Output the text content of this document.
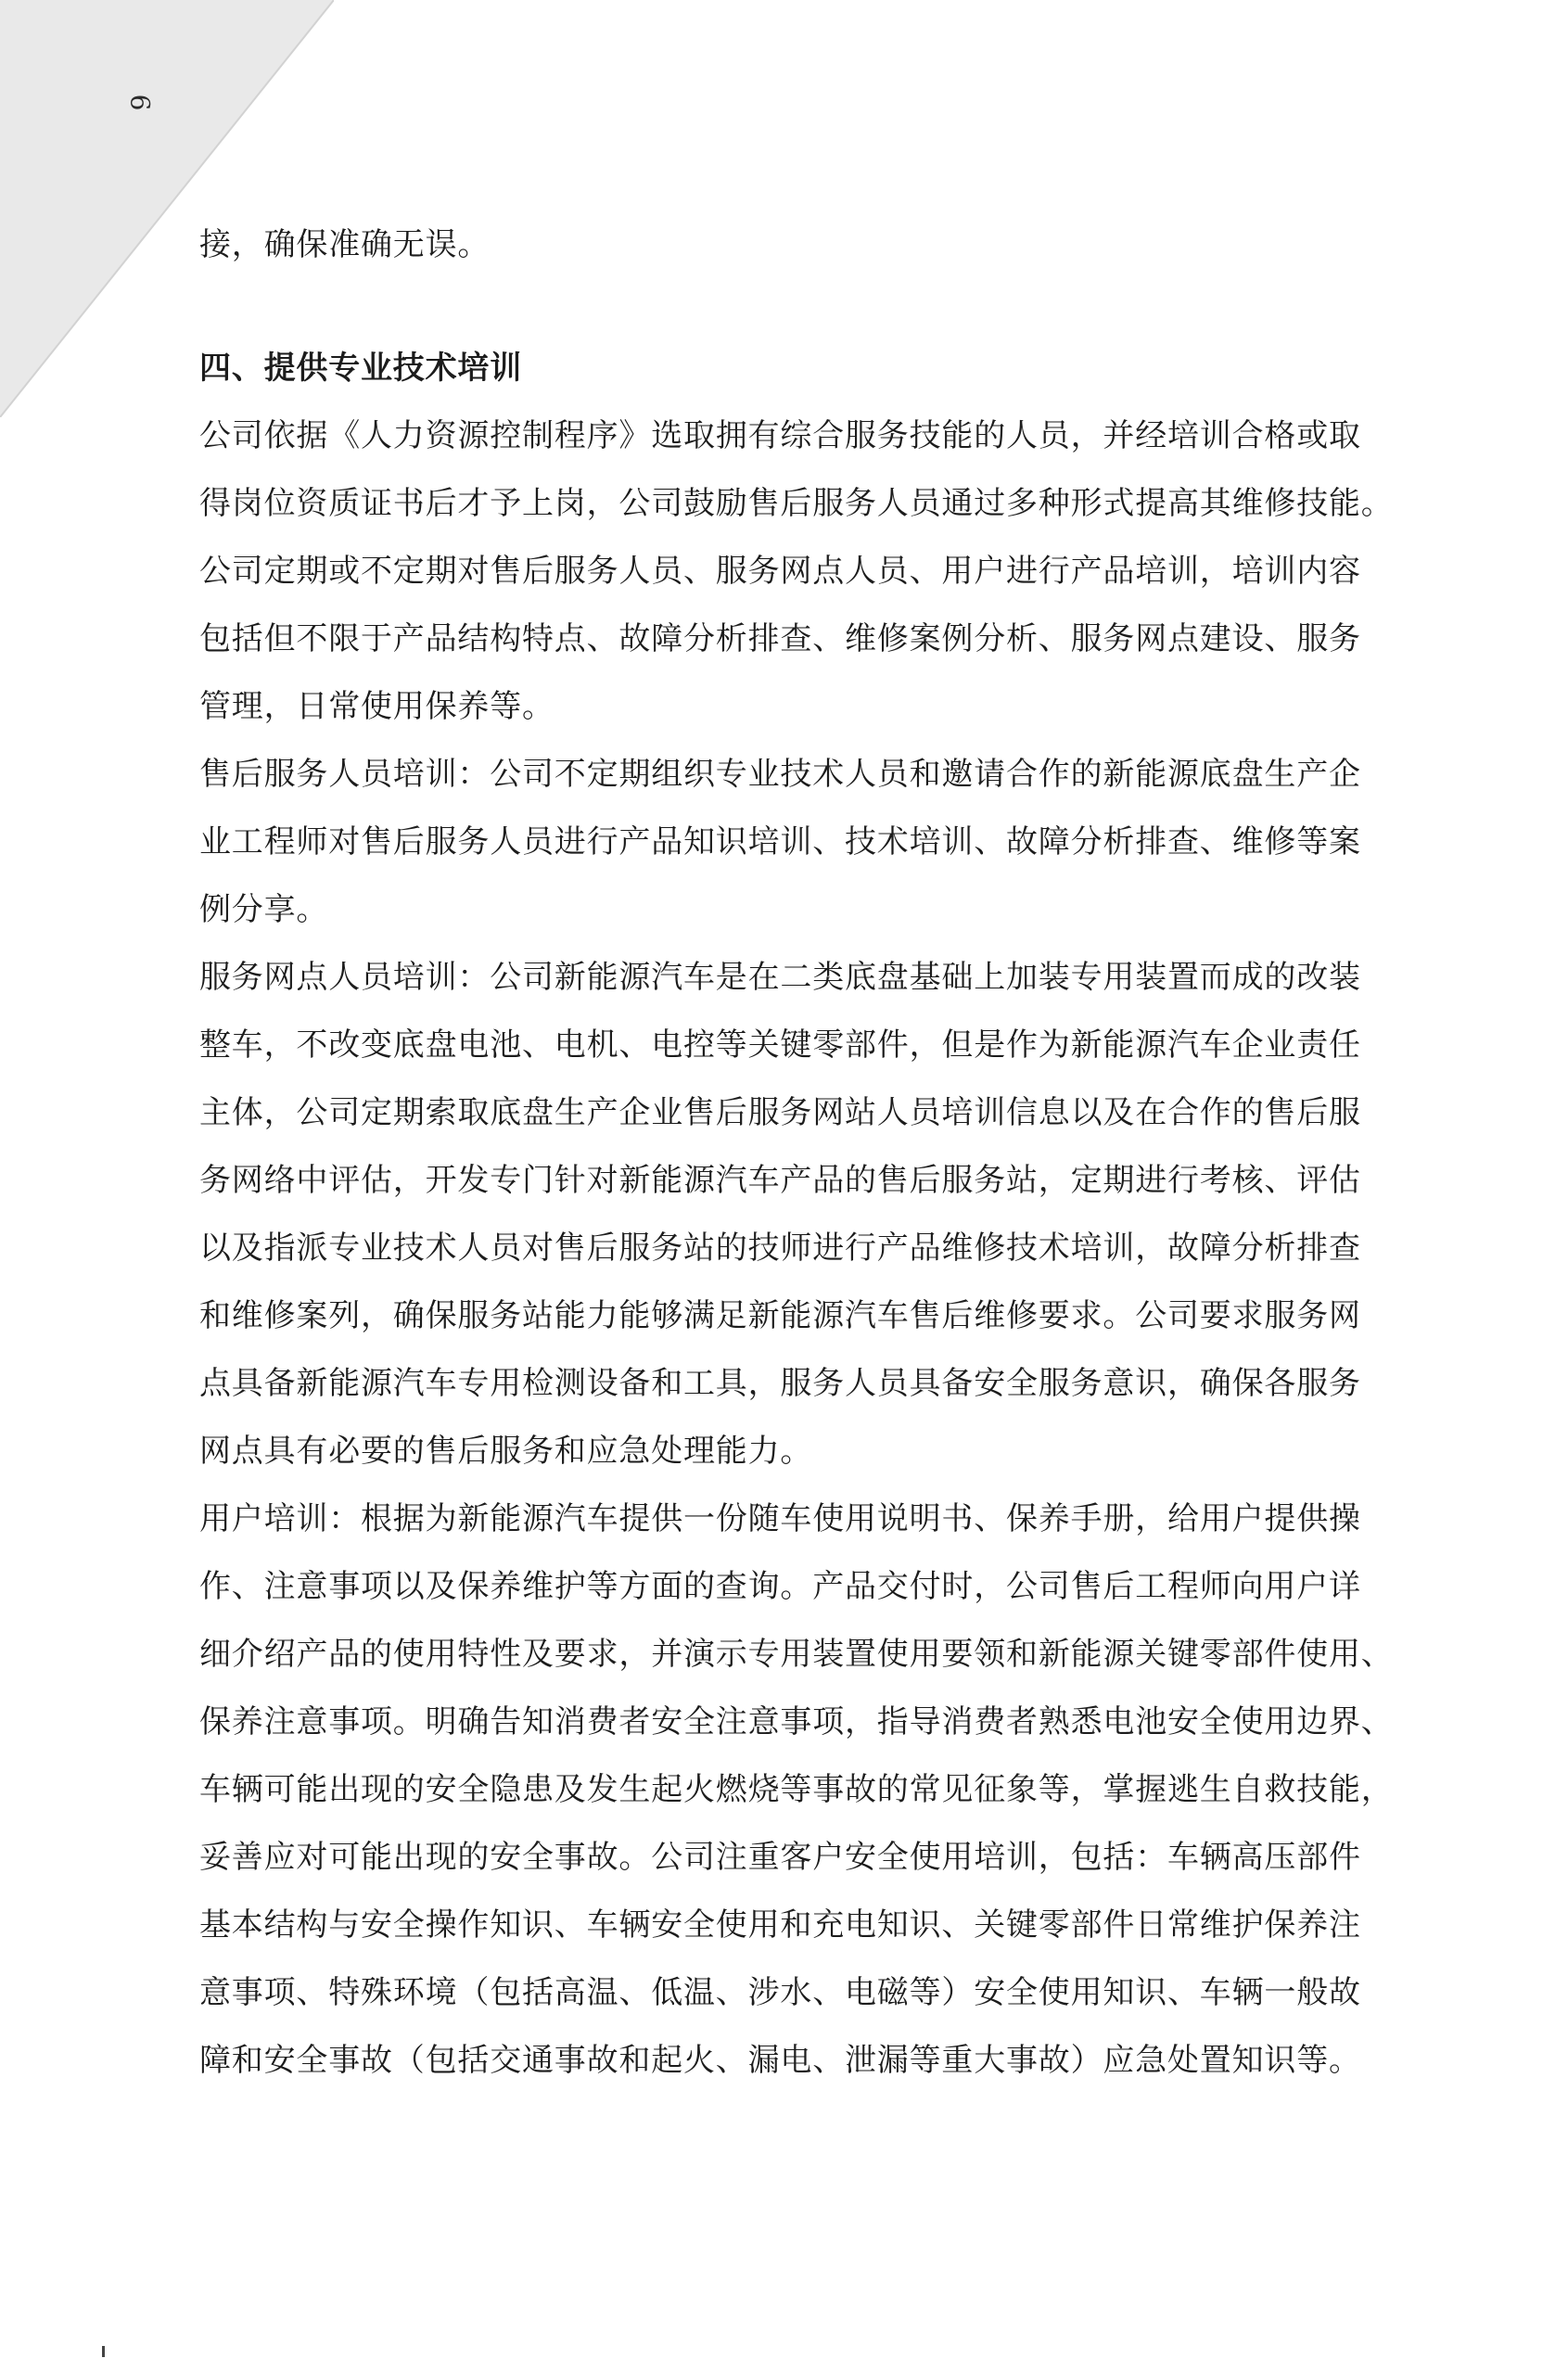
6
接，确保准确无误。
四、提供专业技术培训
公司依据《人力资源控制程序》选取拥有综合服务技能的人员，并经培训合格或取
得岗位资质证书后才予上岗，公司鼓励售后服务人员通过多种形式提高其维修技能。
公司定期或不定期对售后服务人员、服务网点人员、用户进行产品培训，培训内容
包括但不限于产品结构特点、故障分析排查、维修案例分析、服务网点建设、服务
管理，日常使用保养等。
售后服务人员培训：公司不定期组织专业技术人员和邀请合作的新能源底盘生产企
业工程师对售后服务人员进行产品知识培训、技术培训、故障分析排查、维修等案
例分享。
服务网点人员培训：公司新能源汽车是在二类底盘基础上加装专用装置而成的改装
整车，不改变底盘电池、电机、电控等关键零部件，但是作为新能源汽车企业责任
主体，公司定期索取底盘生产企业售后服务网站人员培训信息以及在合作的售后服
务网络中评估，开发专门针对新能源汽车产品的售后服务站，定期进行考核、评估
以及指派专业技术人员对售后服务站的技师进行产品维修技术培训，故障分析排查
和维修案列，确保服务站能力能够满足新能源汽车售后维修要求。公司要求服务网
点具备新能源汽车专用检测设备和工具，服务人员具备安全服务意识，确保各服务
网点具有必要的售后服务和应急处理能力。
用户培训：根据为新能源汽车提供一份随车使用说明书、保养手册，给用户提供操
作、注意事项以及保养维护等方面的查询。产品交付时，公司售后工程师向用户详
细介绍产品的使用特性及要求，并演示专用装置使用要领和新能源关键零部件使用、
保养注意事项。明确告知消费者安全注意事项，指导消费者熟悉电池安全使用边界、
车辆可能出现的安全隐患及发生起火燃烧等事故的常见征象等，掌握逃生自救技能，
妥善应对可能出现的安全事故。公司注重客户安全使用培训，包括：车辆高压部件
基本结构与安全操作知识、车辆安全使用和充电知识、关键零部件日常维护保养注
意事项、特殊环境（包括高温、低温、涉水、电磁等）安全使用知识、车辆一般故
障和安全事故（包括交通事故和起火、漏电、泄漏等重大事故）应急处置知识等。
